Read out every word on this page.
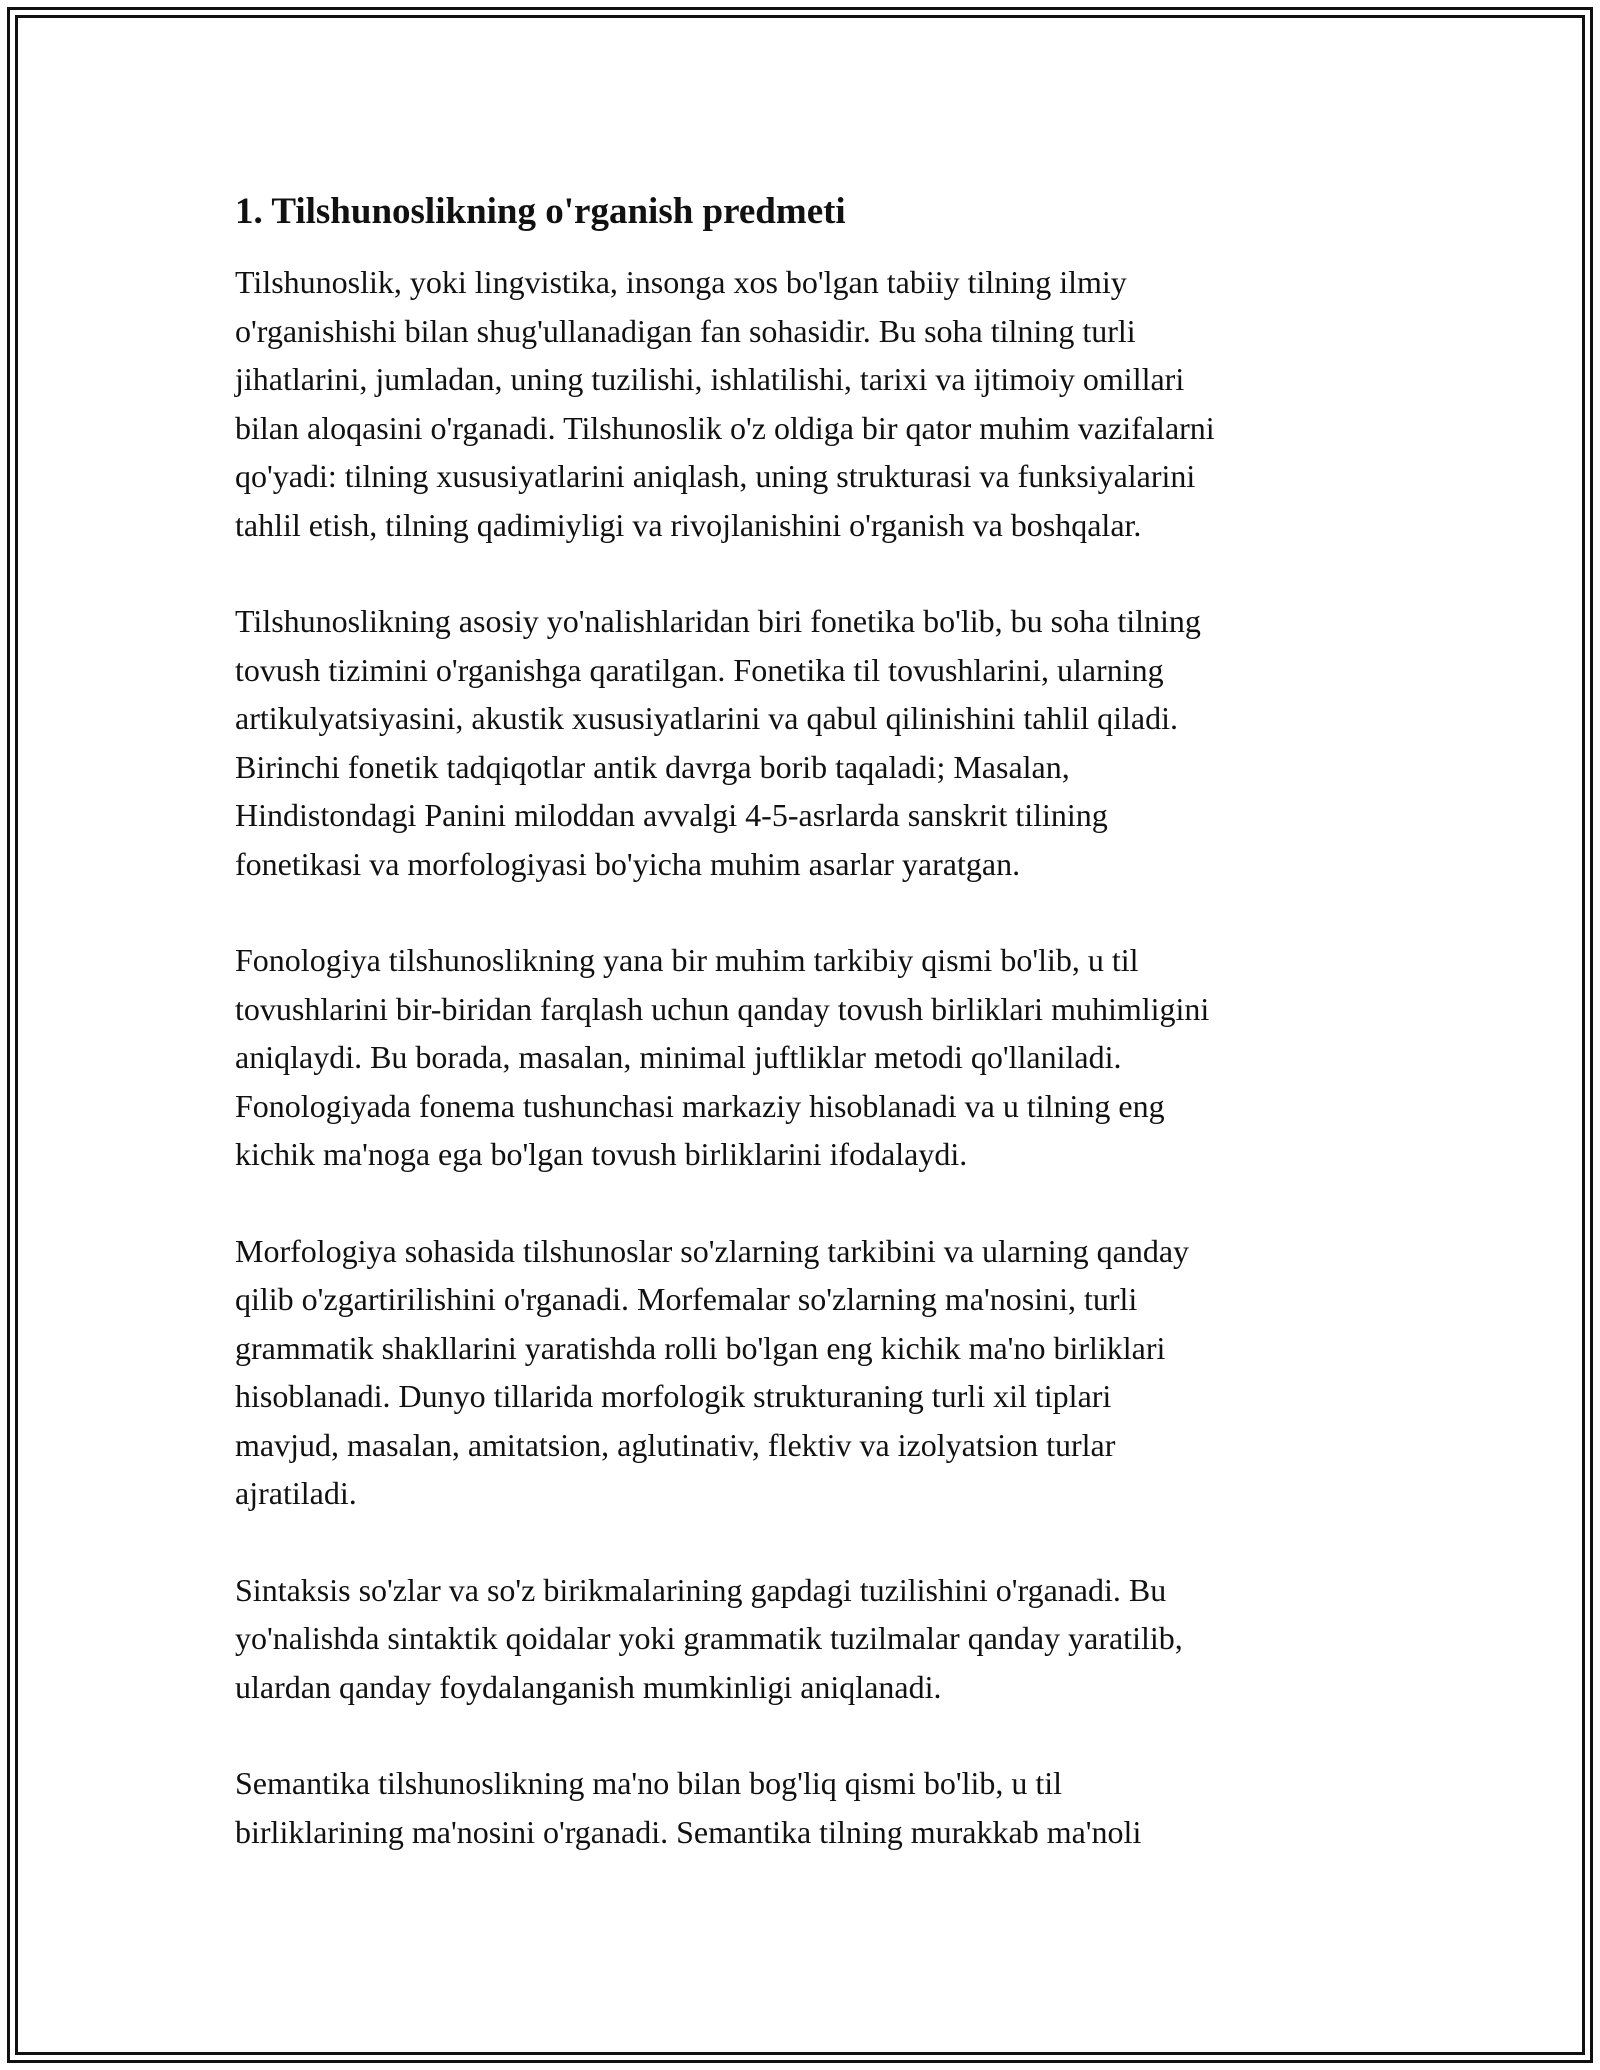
1. Tilshunoslikning o'rganish predmeti

Tilshunoslik, yoki lingvistika, insonga xos bo'lgan tabiiy tilning ilmiy
o'rganishishi bilan shug'ullanadigan fan sohasidir. Bu soha tilning turli
jihatlarini, jumladan, uning tuzilishi, ishlatilishi, tarixi va ijtimoiy omillari
bilan aloqasini o'rganadi. Tilshunoslik o'z oldiga bir qator muhim vazifalarni
qo'yadi: tilning xususiyatlarini aniqlash, uning strukturasi va funksiyalarini
tahlil etish, tilning qadimiyligi va rivojlanishini o'rganish va boshqalar.

Tilshunoslikning asosiy yo'nalishlaridan biri fonetika bo'lib, bu soha tilning
tovush tizimini o'rganishga qaratilgan. Fonetika til tovushlarini, ularning
artikulyatsiyasini, akustik xususiyatlarini va qabul qilinishini tahlil qiladi.
Birinchi fonetik tadqiqotlar antik davrga borib taqaladi; Masalan,
Hindistondagi Panini miloddan avvalgi 4-5-asrlarda sanskrit tilining
fonetikasi va morfologiyasi bo'yicha muhim asarlar yaratgan.

Fonologiya tilshunoslikning yana bir muhim tarkibiy qismi bo'lib, u til
tovushlarini bir-biridan farqlash uchun qanday tovush birliklari muhimligini
aniqlaydi. Bu borada, masalan, minimal juftliklar metodi qo'llaniladi.
Fonologiyada fonema tushunchasi markaziy hisoblanadi va u tilning eng
kichik ma'noga ega bo'lgan tovush birliklarini ifodalaydi.

Morfologiya sohasida tilshunoslar so'zlarning tarkibini va ularning qanday
qilib o'zgartirilishini o'rganadi. Morfemalar so'zlarning ma'nosini, turli
grammatik shakllarini yaratishda rolli bo'lgan eng kichik ma'no birliklari
hisoblanadi. Dunyo tillarida morfologik strukturaning turli xil tiplari
mavjud, masalan, amitatsion, aglutinativ, flektiv va izolyatsion turlar
ajratiladi.

Sintaksis so'zlar va so'z birikmalarining gapdagi tuzilishini o'rganadi. Bu
yo'nalishda sintaktik qoidalar yoki grammatik tuzilmalar qanday yaratilib,
ulardan qanday foydalanganish mumkinligi aniqlanadi.

Semantika tilshunoslikning ma'no bilan bog'liq qismi bo'lib, u til
birliklarining ma'nosini o'rganadi. Semantika tilning murakkab ma'noli
